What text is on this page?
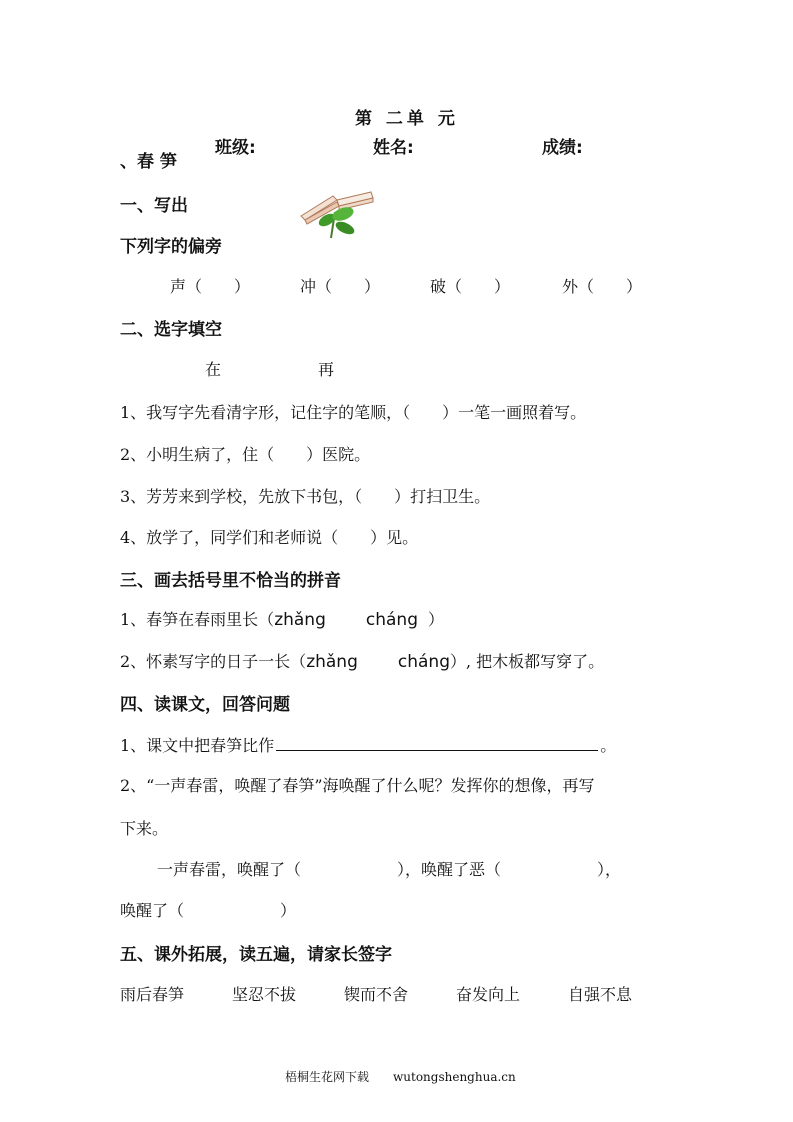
第 二单 元
班级:	姓名:	成绩:
、春 笋
一、写出
下列字的偏旁
声（　　）	冲（　　）	破（　　）	外（　　）
二、选字填空
在	再
1、我写字先看清字形，记住字的笔顺，（　　）一笔一画照着写。
2、小明生病了，住（　　）医院。
3、芳芳来到学校，先放下书包，（　　）打扫卫生。
4、放学了，同学们和老师说（　　）见。
三、画去括号里不恰当的拼音
1、春笋在春雨里长（zhǎng cháng ）
2、怀素写字的日子一长（zhǎng cháng）, 把木板都写穿了。
四、读课文，回答问题
1、课文中把春笋比作	。
2、“一声春雷，唤醒了春笋”海唤醒了什么呢？发挥你的想像，再写
下来。
一声春雷，唤醒了（　　　　　　），唤醒了恶（　　　　　　），
唤醒了（　　　　　　）
五、课外拓展，读五遍，请家长签字
雨后春笋	坚忍不拔	锲而不舍	奋发向上	自强不息
梧桐生花网下载　　wutongshenghua.cn
